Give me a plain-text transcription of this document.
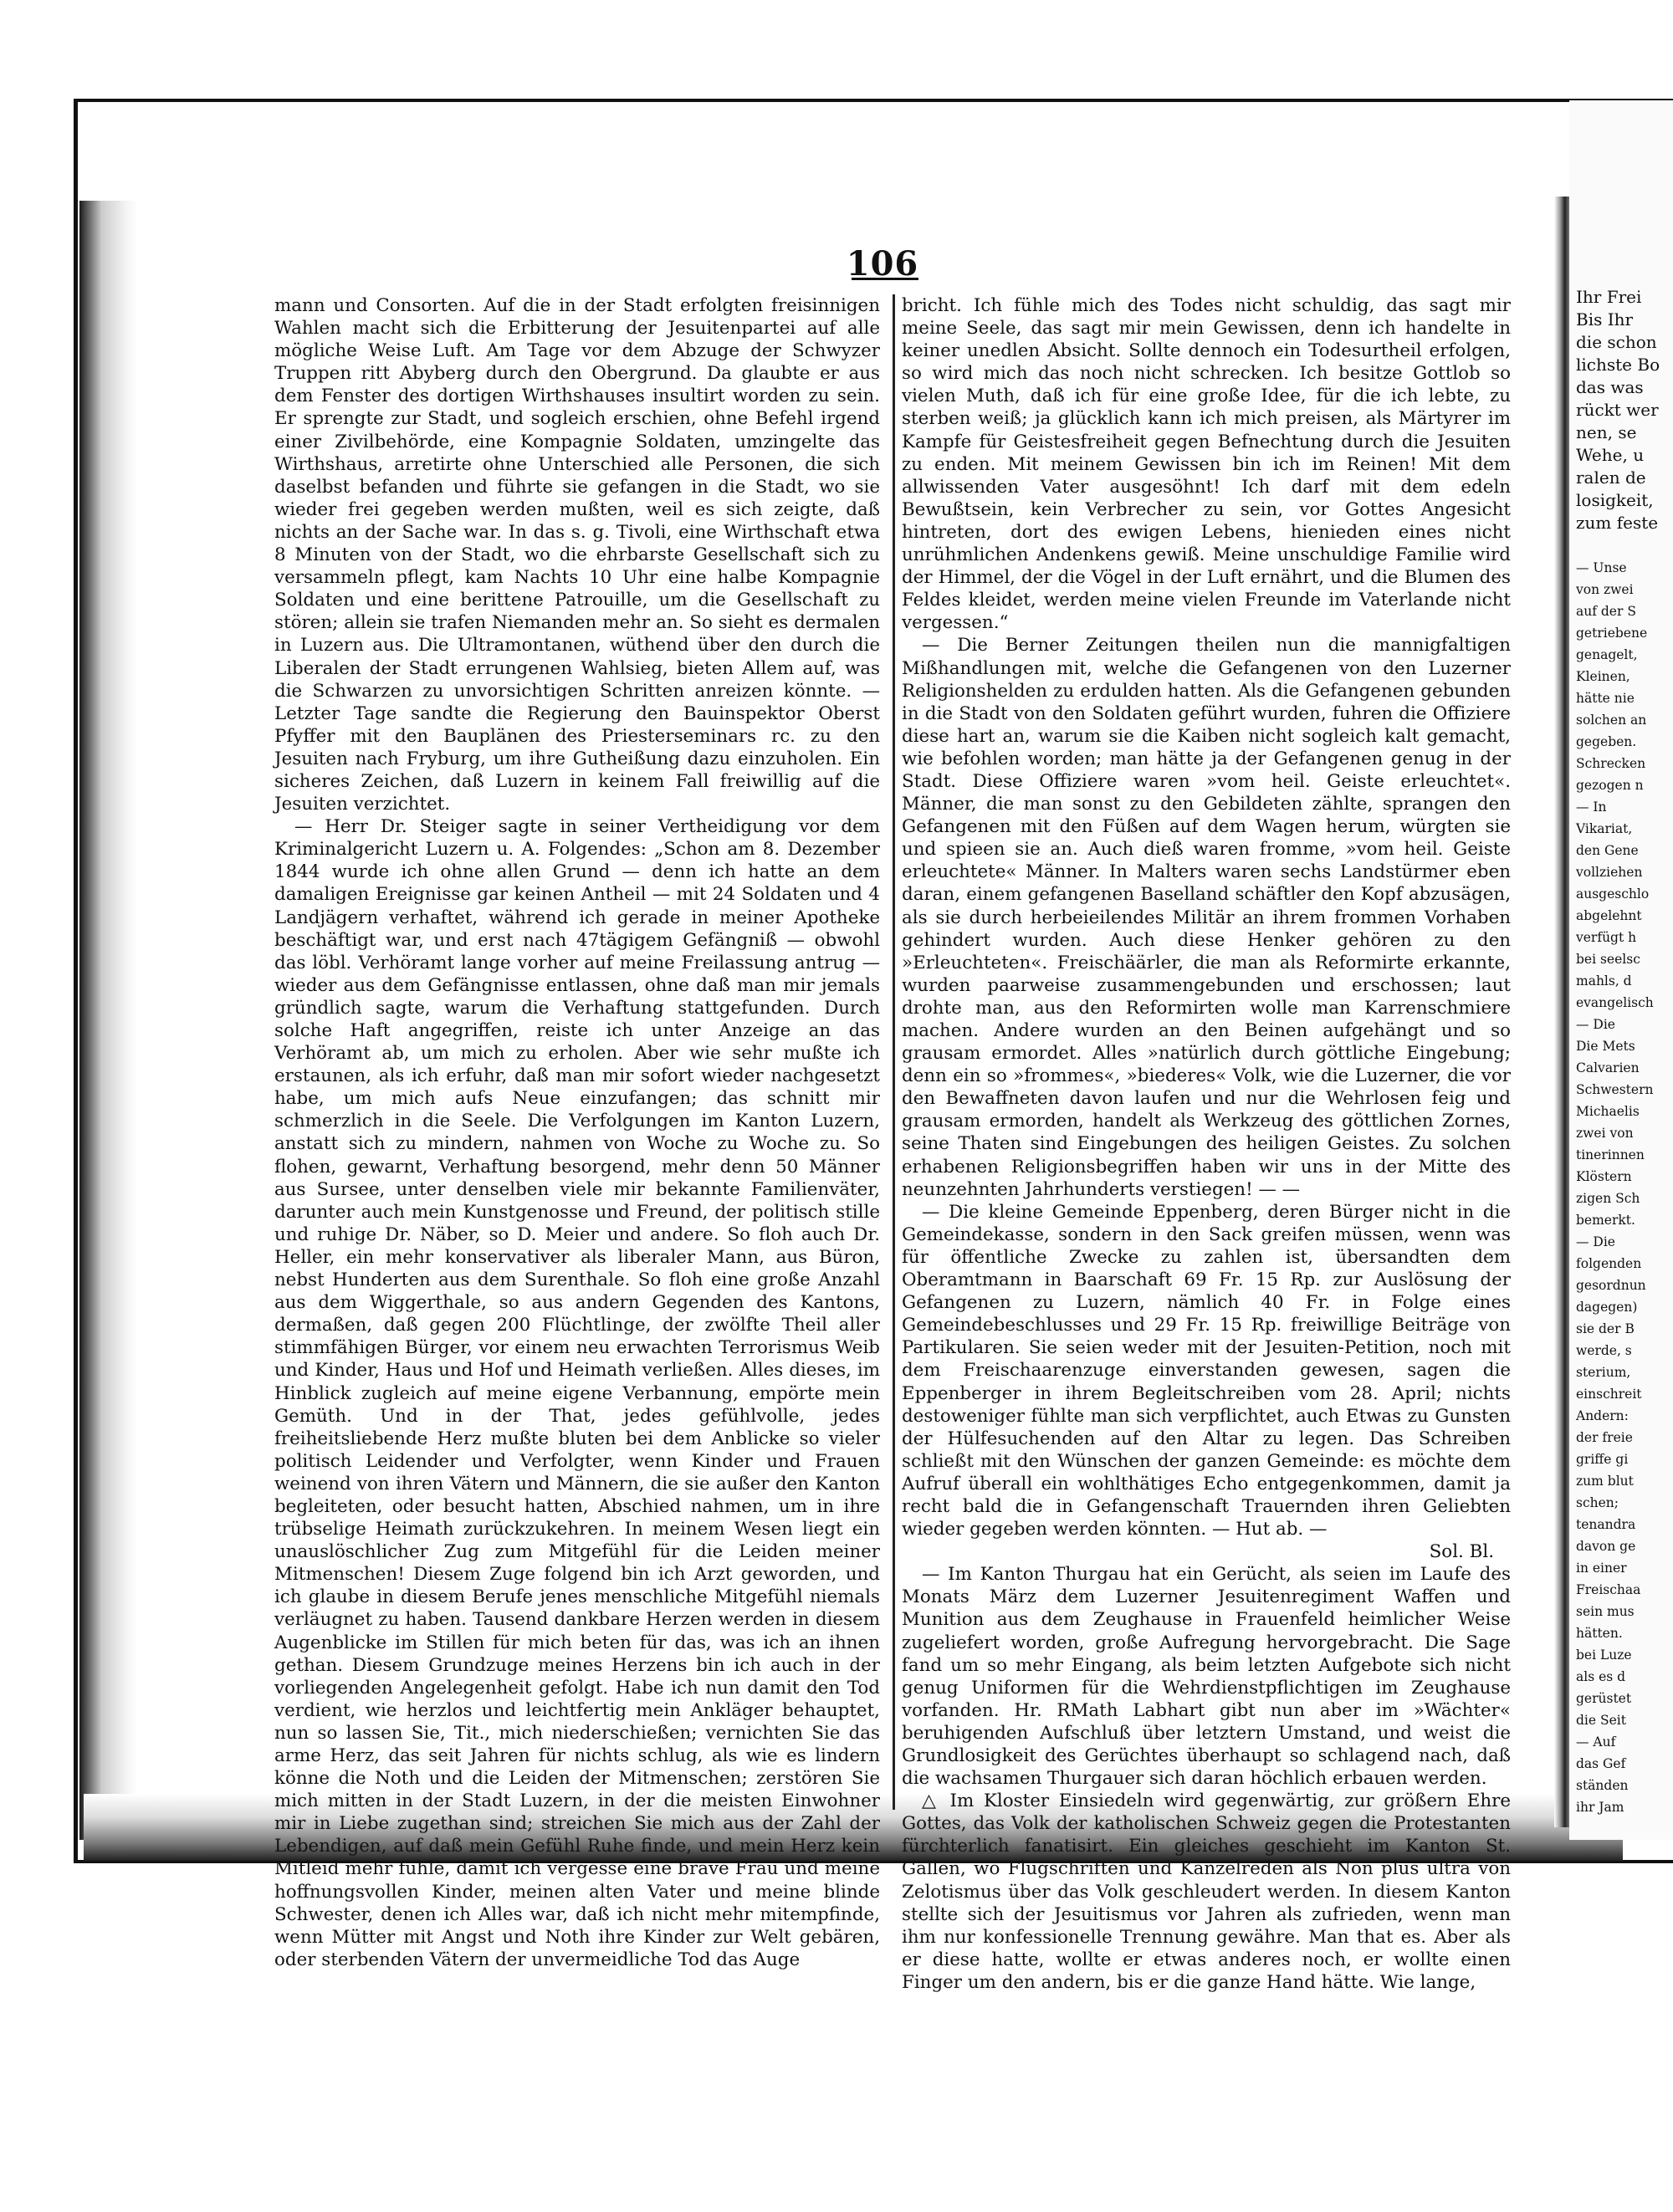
106

mann und Consorten. Auf die in der Stadt erfolgten freisinnigen Wahlen macht sich die Erbitterung der Jesuitenpartei auf alle mögliche Weise Luft. Am Tage vor dem Abzuge der Schwyzer Truppen ritt Abyberg durch den Obergrund. Da glaubte er aus dem Fenster des dortigen Wirthshauses insultirt worden zu sein. Er sprengte zur Stadt, und sogleich erschien, ohne Befehl irgend einer Zivilbehörde, eine Kompagnie Soldaten, umzingelte das Wirthshaus, arretirte ohne Unterschied alle Personen, die sich daselbst befanden und führte sie gefangen in die Stadt, wo sie wieder frei gegeben werden mußten, weil es sich zeigte, daß nichts an der Sache war. In das s. g. Tivoli, eine Wirthschaft etwa 8 Minuten von der Stadt, wo die ehrbarste Gesellschaft sich zu versammeln pflegt, kam Nachts 10 Uhr eine halbe Kompagnie Soldaten und eine berittene Patrouille, um die Gesellschaft zu stören; allein sie trafen Niemanden mehr an. So sieht es dermalen in Luzern aus. Die Ultramontanen, wüthend über den durch die Liberalen der Stadt errungenen Wahlsieg, bieten Allem auf, was die Schwarzen zu unvorsichtigen Schritten anreizen könnte. — Letzter Tage sandte die Regierung den Bauinspektor Oberst Pfyffer mit den Bauplänen des Priesterseminars rc. zu den Jesuiten nach Fryburg, um ihre Gutheißung dazu einzuholen. Ein sicheres Zeichen, daß Luzern in keinem Fall freiwillig auf die Jesuiten verzichtet.

— Herr Dr. Steiger sagte in seiner Vertheidigung vor dem Kriminalgericht Luzern u. A. Folgendes: „Schon am 8. Dezember 1844 wurde ich ohne allen Grund — denn ich hatte an dem damaligen Ereignisse gar keinen Antheil — mit 24 Soldaten und 4 Landjägern verhaftet, während ich gerade in meiner Apotheke beschäftigt war, und erst nach 47tägigem Gefängniß — obwohl das löbl. Verhöramt lange vorher auf meine Freilassung antrug — wieder aus dem Gefängnisse entlassen, ohne daß man mir jemals gründlich sagte, warum die Verhaftung stattgefunden. Durch solche Haft angegriffen, reiste ich unter Anzeige an das Verhöramt ab, um mich zu erholen. Aber wie sehr mußte ich erstaunen, als ich erfuhr, daß man mir sofort wieder nachgesetzt habe, um mich aufs Neue einzufangen; das schnitt mir schmerzlich in die Seele. Die Verfolgungen im Kanton Luzern, anstatt sich zu mindern, nahmen von Woche zu Woche zu. So flohen, gewarnt, Verhaftung besorgend, mehr denn 50 Männer aus Sursee, unter denselben viele mir bekannte Familienväter, darunter auch mein Kunstgenosse und Freund, der politisch stille und ruhige Dr. Näber, so D. Meier und andere. So floh auch Dr. Heller, ein mehr konservativer als liberaler Mann, aus Büron, nebst Hunderten aus dem Surenthale. So floh eine große Anzahl aus dem Wiggerthale, so aus andern Gegenden des Kantons, dermaßen, daß gegen 200 Flüchtlinge, der zwölfte Theil aller stimmfähigen Bürger, vor einem neu erwachten Terrorismus Weib und Kinder, Haus und Hof und Heimath verließen. Alles dieses, im Hinblick zugleich auf meine eigene Verbannung, empörte mein Gemüth. Und in der That, jedes gefühlvolle, jedes freiheitsliebende Herz mußte bluten bei dem Anblicke so vieler politisch Leidender und Verfolgter, wenn Kinder und Frauen weinend von ihren Vätern und Männern, die sie außer den Kanton begleiteten, oder besucht hatten, Abschied nahmen, um in ihre trübselige Heimath zurückzukehren. In meinem Wesen liegt ein unauslöschlicher Zug zum Mitgefühl für die Leiden meiner Mitmenschen! Diesem Zuge folgend bin ich Arzt geworden, und ich glaube in diesem Berufe jenes menschliche Mitgefühl niemals verläugnet zu haben. Tausend dankbare Herzen werden in diesem Augenblicke im Stillen für mich beten für das, was ich an ihnen gethan. Diesem Grundzuge meines Herzens bin ich auch in der vorliegenden Angelegenheit gefolgt. Habe ich nun damit den Tod verdient, wie herzlos und leichtfertig mein Ankläger behauptet, nun so lassen Sie, Tit., mich niederschießen; vernichten Sie das arme Herz, das seit Jahren für nichts schlug, als wie es lindern könne die Noth und die Leiden der Mitmenschen; zerstören Sie mich mitten in der Stadt Luzern, in der die meisten Einwohner mir in Liebe zugethan sind; streichen Sie mich aus der Zahl der Lebendigen, auf daß mein Gefühl Ruhe finde, und mein Herz kein Mitleid mehr fühle, damit ich vergesse eine brave Frau und meine hoffnungsvollen Kinder, meinen alten Vater und meine blinde Schwester, denen ich Alles war, daß ich nicht mehr mitempfinde, wenn Mütter mit Angst und Noth ihre Kinder zur Welt gebären, oder sterbenden Vätern der unvermeidliche Tod das Auge

bricht. Ich fühle mich des Todes nicht schuldig, das sagt mir meine Seele, das sagt mir mein Gewissen, denn ich handelte in keiner unedlen Absicht. Sollte dennoch ein Todesurtheil erfolgen, so wird mich das noch nicht schrecken. Ich besitze Gottlob so vielen Muth, daß ich für eine große Idee, für die ich lebte, zu sterben weiß; ja glücklich kann ich mich preisen, als Märtyrer im Kampfe für Geistesfreiheit gegen Befnechtung durch die Jesuiten zu enden. Mit meinem Gewissen bin ich im Reinen! Mit dem allwissenden Vater ausgesöhnt! Ich darf mit dem edeln Bewußtsein, kein Verbrecher zu sein, vor Gottes Angesicht hintreten, dort des ewigen Lebens, hienieden eines nicht unrühmlichen Andenkens gewiß. Meine unschuldige Familie wird der Himmel, der die Vögel in der Luft ernährt, und die Blumen des Feldes kleidet, werden meine vielen Freunde im Vaterlande nicht vergessen.“

— Die Berner Zeitungen theilen nun die mannigfaltigen Mißhandlungen mit, welche die Gefangenen von den Luzerner Religionshelden zu erdulden hatten. Als die Gefangenen gebunden in die Stadt von den Soldaten geführt wurden, fuhren die Offiziere diese hart an, warum sie die Kaiben nicht sogleich kalt gemacht, wie befohlen worden; man hätte ja der Gefangenen genug in der Stadt. Diese Offiziere waren »vom heil. Geiste erleuchtet«. Männer, die man sonst zu den Gebildeten zählte, sprangen den Gefangenen mit den Füßen auf dem Wagen herum, würgten sie und spieen sie an. Auch dieß waren fromme, »vom heil. Geiste erleuchtete« Männer. In Malters waren sechs Landstürmer eben daran, einem gefangenen Baselland schäftler den Kopf abzusägen, als sie durch herbeieilendes Militär an ihrem frommen Vorhaben gehindert wurden. Auch diese Henker gehören zu den »Erleuchteten«. Freischäärler, die man als Reformirte erkannte, wurden paarweise zusammengebunden und erschossen; laut drohte man, aus den Reformirten wolle man Karrenschmiere machen. Andere wurden an den Beinen aufgehängt und so grausam ermordet. Alles »natürlich durch göttliche Eingebung; denn ein so »frommes«, »biederes« Volk, wie die Luzerner, die vor den Bewaffneten davon laufen und nur die Wehrlosen feig und grausam ermorden, handelt als Werkzeug des göttlichen Zornes, seine Thaten sind Eingebungen des heiligen Geistes. Zu solchen erhabenen Religionsbegriffen haben wir uns in der Mitte des neunzehnten Jahrhunderts verstiegen! — —

— Die kleine Gemeinde Eppenberg, deren Bürger nicht in die Gemeindekasse, sondern in den Sack greifen müssen, wenn was für öffentliche Zwecke zu zahlen ist, übersandten dem Oberamtmann in Baarschaft 69 Fr. 15 Rp. zur Auslösung der Gefangenen zu Luzern, nämlich 40 Fr. in Folge eines Gemeindebeschlusses und 29 Fr. 15 Rp. freiwillige Beiträge von Partikularen. Sie seien weder mit der Jesuiten-Petition, noch mit dem Freischaarenzuge einverstanden gewesen, sagen die Eppenberger in ihrem Begleitschreiben vom 28. April; nichts destoweniger fühlte man sich verpflichtet, auch Etwas zu Gunsten der Hülfesuchenden auf den Altar zu legen. Das Schreiben schließt mit den Wünschen der ganzen Gemeinde: es möchte dem Aufruf überall ein wohlthätiges Echo entgegenkommen, damit ja recht bald die in Gefangenschaft Trauernden ihren Geliebten wieder gegeben werden könnten. — Hut ab. —

Sol. Bl.

— Im Kanton Thurgau hat ein Gerücht, als seien im Laufe des Monats März dem Luzerner Jesuitenregiment Waffen und Munition aus dem Zeughause in Frauenfeld heimlicher Weise zugeliefert worden, große Aufregung hervorgebracht. Die Sage fand um so mehr Eingang, als beim letzten Aufgebote sich nicht genug Uniformen für die Wehrdienstpflichtigen im Zeughause vorfanden. Hr. RMath Labhart gibt nun aber im »Wächter« beruhigenden Aufschluß über letztern Umstand, und weist die Grundlosigkeit des Gerüchtes überhaupt so schlagend nach, daß die wachsamen Thurgauer sich daran höchlich erbauen werden.

△ Im Kloster Einsiedeln wird gegenwärtig, zur größern Ehre Gottes, das Volk der katholischen Schweiz gegen die Protestanten fürchterlich fanatisirt. Ein gleiches geschieht im Kanton St. Gallen, wo Flugschriften und Kanzelreden als Non plus ultra von Zelotismus über das Volk geschleudert werden. In diesem Kanton stellte sich der Jesuitismus vor Jahren als zufrieden, wenn man ihm nur konfessionelle Trennung gewähre. Man that es. Aber als er diese hatte, wollte er etwas anderes noch, er wollte einen Finger um den andern, bis er die ganze Hand hätte. Wie lange,

Ihr Frei
Bis Ihr
die schon
lichste Bo
das was
rückt wer
nen, se
Wehe, u
ralen de
losigkeit,
zum feste

— Unse
von zwei
auf der S
getriebene
genagelt,
Kleinen,
hätte nie
solchen an
gegeben.
Schrecken
gezogen n
— In
Vikariat,
den Gene
vollziehen
ausgeschlo
abgelehnt
verfügt h
bei seelsc
mahls, d
evangelisch
— Die
Die Mets
Calvarien
Schwestern
Michaelis
zwei von
tinerinnen
Klöstern
zigen Sch
bemerkt.
— Die
folgenden
gesordnun
dagegen)
sie der B
werde, s
sterium,
einschreit
Andern:
der freie
griffe gi
zum blut
schen;
tenandra
davon ge
in einer
Freischaa
sein mus
hätten.
bei Luze
als es d
gerüstet
die Seit
— Auf
das Gef
ständen
ihr Jam
